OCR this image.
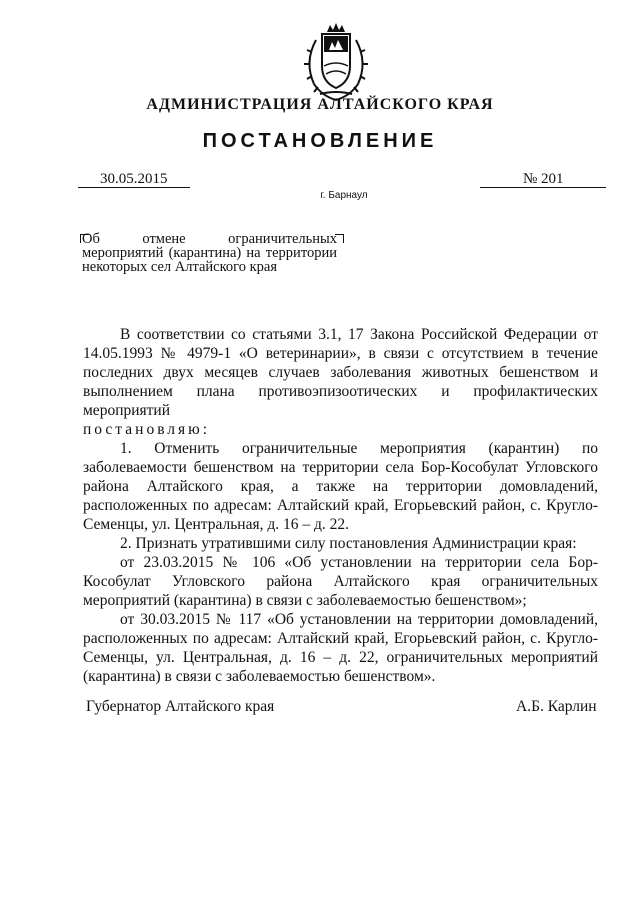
АДМИНИСТРАЦИЯ АЛТАЙСКОГО КРАЯ
ПОСТАНОВЛЕНИЕ
30.05.2015	№ 201
г. Барнаул
Об отмене ограничительных мероприятий (карантина) на территории некоторых сел Алтайского края

В соответствии со статьями 3.1, 17 Закона Российской Федерации от 14.05.1993 № 4979-1 «О ветеринарии», в связи с отсутствием в течение последних двух месяцев случаев заболевания животных бешенством и выполнением плана противоэпизоотических и профилактических мероприятий

постановляю:

1. Отменить ограничительные мероприятия (карантин) по заболеваемости бешенством на территории села Бор-Кособулат Угловского района Алтайского края, а также на территории домовладений, расположенных по адресам: Алтайский край, Егорьевский район, с. Кругло-Семенцы, ул. Центральная, д. 16 – д. 22.

2. Признать утратившими силу постановления Администрации края:

от 23.03.2015 № 106 «Об установлении на территории села Бор-Кособулат Угловского района Алтайского края ограничительных мероприятий (карантина) в связи с заболеваемостью бешенством»;

от 30.03.2015 № 117 «Об установлении на территории домовладений, расположенных по адресам: Алтайский край, Егорьевский район, с. Кругло-Семенцы, ул. Центральная, д. 16 – д. 22, ограничительных мероприятий (карантина) в связи с заболеваемостью бешенством».

Губернатор Алтайского края	А.Б. Карлин
